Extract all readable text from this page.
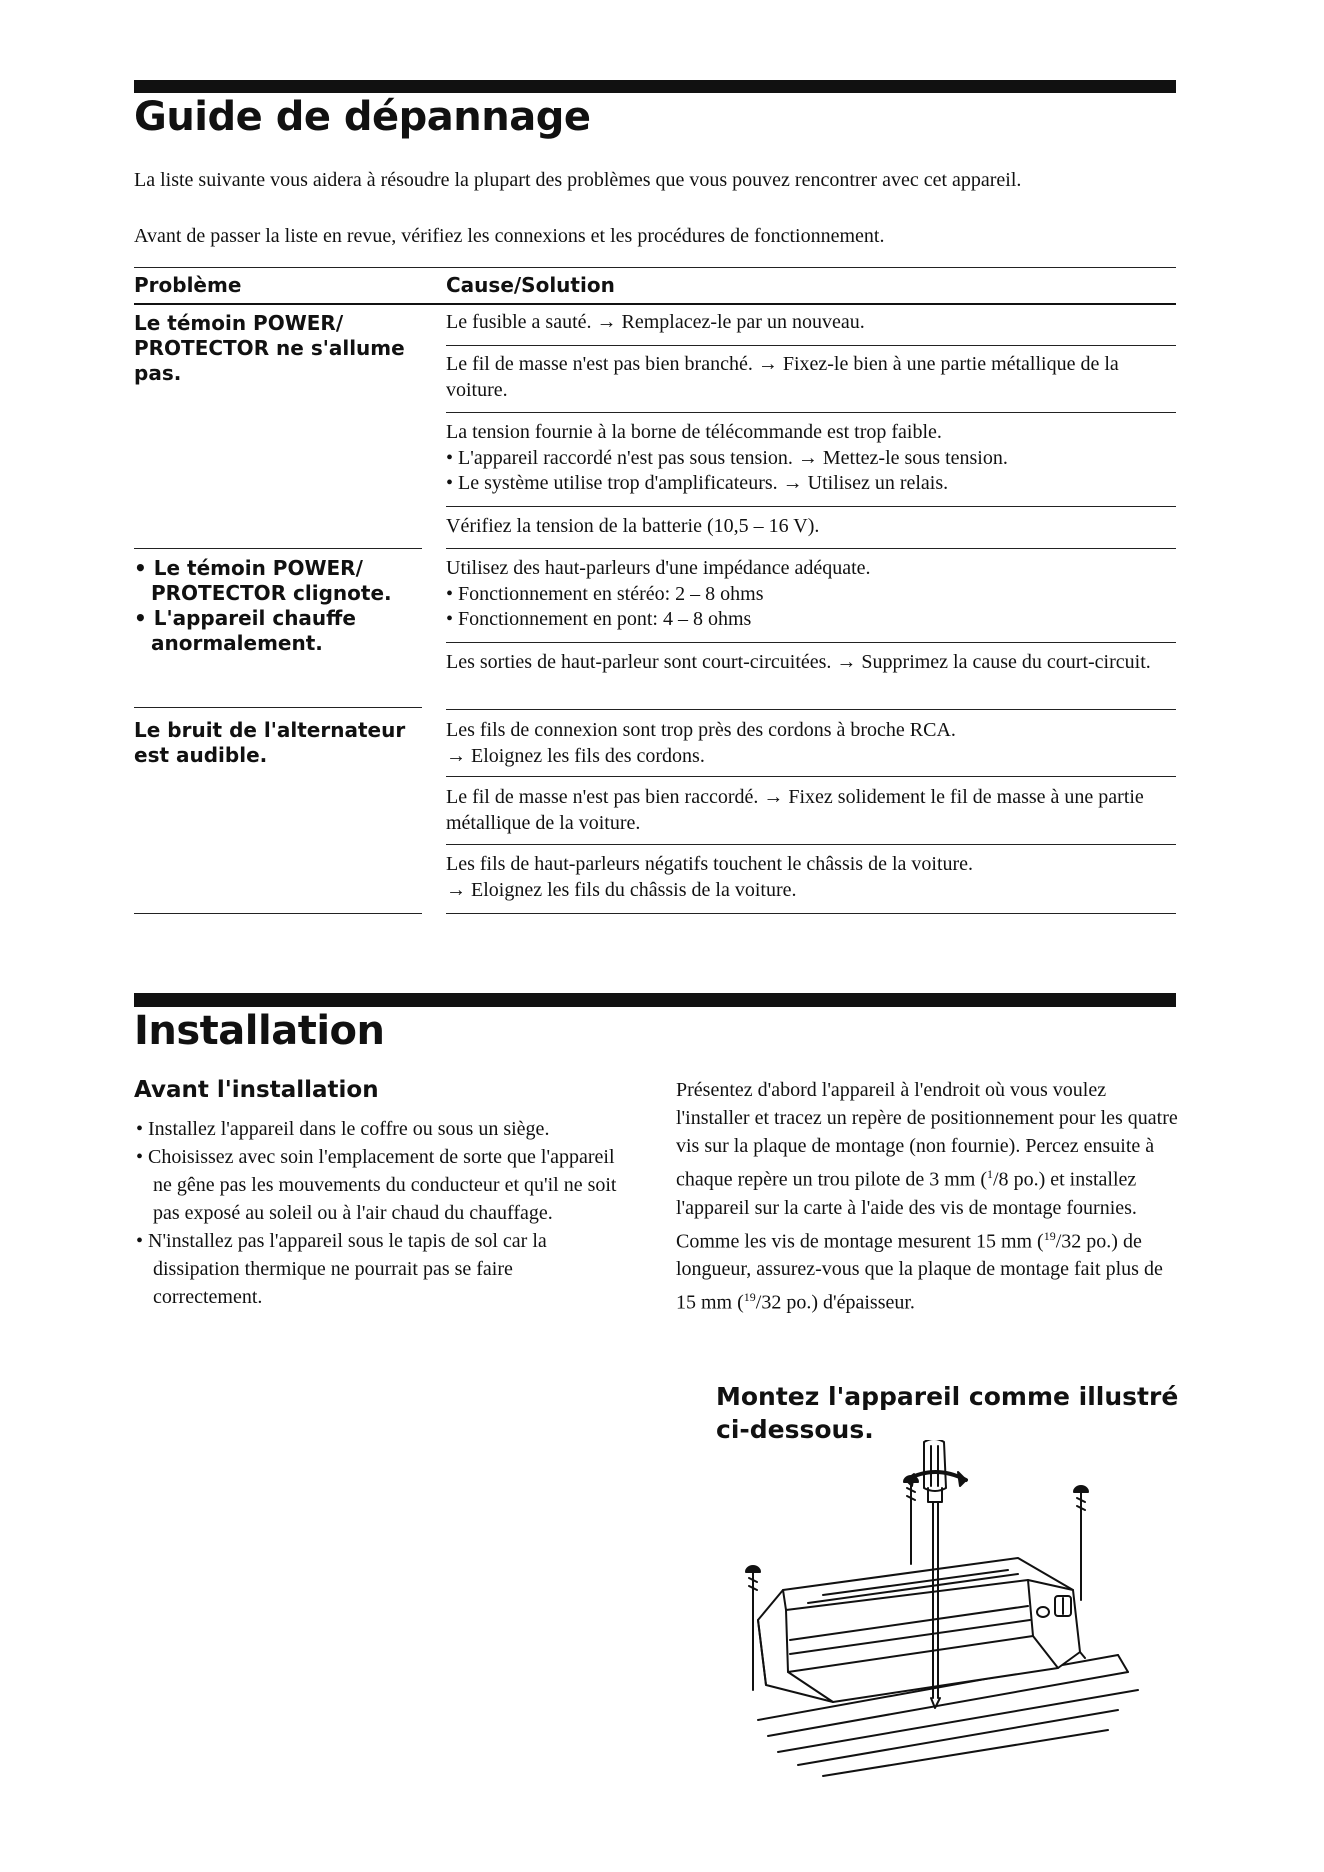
Guide de dépannage

La liste suivante vous aidera à résoudre la plupart des problèmes que vous pouvez rencontrer avec cet appareil.

Avant de passer la liste en revue, vérifiez les connexions et les procédures de fonctionnement.

Problème	Cause/Solution
Le témoin POWER/ PROTECTOR ne s'allume pas.
• Le témoin POWER/ PROTECTOR clignote.
• L'appareil chauffe anormalement.
Le bruit de l'alternateur est audible.
Le fusible a sauté. → Remplacez-le par un nouveau.
Le fil de masse n'est pas bien branché. → Fixez-le bien à une partie métallique de la voiture.
La tension fournie à la borne de télécommande est trop faible.
• L'appareil raccordé n'est pas sous tension. → Mettez-le sous tension.
• Le système utilise trop d'amplificateurs. → Utilisez un relais.
Vérifiez la tension de la batterie (10,5 – 16 V).
Utilisez des haut-parleurs d'une impédance adéquate.
• Fonctionnement en stéréo: 2 – 8 ohms
• Fonctionnement en pont: 4 – 8 ohms
Les sorties de haut-parleur sont court-circuitées. → Supprimez la cause du court-circuit.
Les fils de connexion sont trop près des cordons à broche RCA.
→ Eloignez les fils des cordons.
Le fil de masse n'est pas bien raccordé. → Fixez solidement le fil de masse à une partie métallique de la voiture.
Les fils de haut-parleurs négatifs touchent le châssis de la voiture.
→ Eloignez les fils du châssis de la voiture.
Installation
Avant l'installation
• Installez l'appareil dans le coffre ou sous un siège.
• Choisissez avec soin l'emplacement de sorte que l'appareil ne gêne pas les mouvements du conducteur et qu'il ne soit pas exposé au soleil ou à l'air chaud du chauffage.
• N'installez pas l'appareil sous le tapis de sol car la dissipation thermique ne pourrait pas se faire correctement.

Présentez d'abord l'appareil à l'endroit où vous voulez l'installer et tracez un repère de positionnement pour les quatre vis sur la plaque de montage (non fournie). Percez ensuite à chaque repère un trou pilote de 3 mm ($^1$/8 po.) et installez l'appareil sur la carte à l'aide des vis de montage fournies. Comme les vis de montage mesurent 15 mm ($^{19}$/32 po.) de longueur, assurez-vous que la plaque de montage fait plus de 15 mm ($^{19}$/32 po.) d'épaisseur.

Montez l'appareil comme illustré ci-dessous.
